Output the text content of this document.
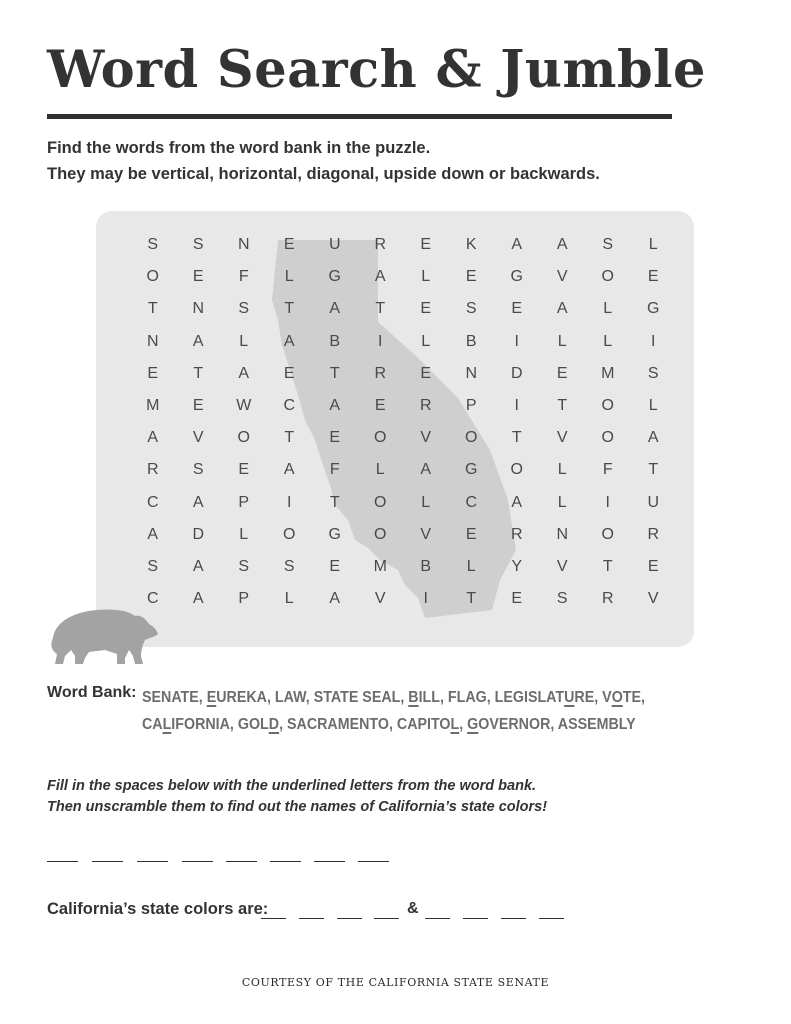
Word Search & Jumble
Find the words from the word bank in the puzzle.
They may be vertical, horizontal, diagonal, upside down or backwards.
S	S	N	E	U	R	E	K	A	A	S	L
O	E	F	L	G	A	L	E	G	V	O	E
T	N	S	T	A	T	E	S	E	A	L	G
N	A	L	A	B	I	L	B	I	L	L	I
E	T	A	E	T	R	E	N	D	E	M	S
M	E	W	C	A	E	R	P	I	T	O	L
A	V	O	T	E	O	V	O	T	V	O	A
R	S	E	A	F	L	A	G	O	L	F	T
C	A	P	I	T	O	L	C	A	L	I	U
A	D	L	O	G	O	V	E	R	N	O	R
S	A	S	S	E	M	B	L	Y	V	T	E
C	A	P	L	A	V	I	T	E	S	R	V
Word Bank: SENATE, EUREKA, LAW, STATE SEAL, BILL, FLAG, LEGISLATURE, VOTE, CALIFORNIA, GOLD, SACRAMENTO, CAPITOL, GOVERNOR, ASSEMBLY
Fill in the spaces below with the underlined letters from the word bank.
Then unscramble them to find out the names of California’s state colors!
California’s state colors are:	&
COURTESY OF THE CALIFORNIA STATE SENATE
